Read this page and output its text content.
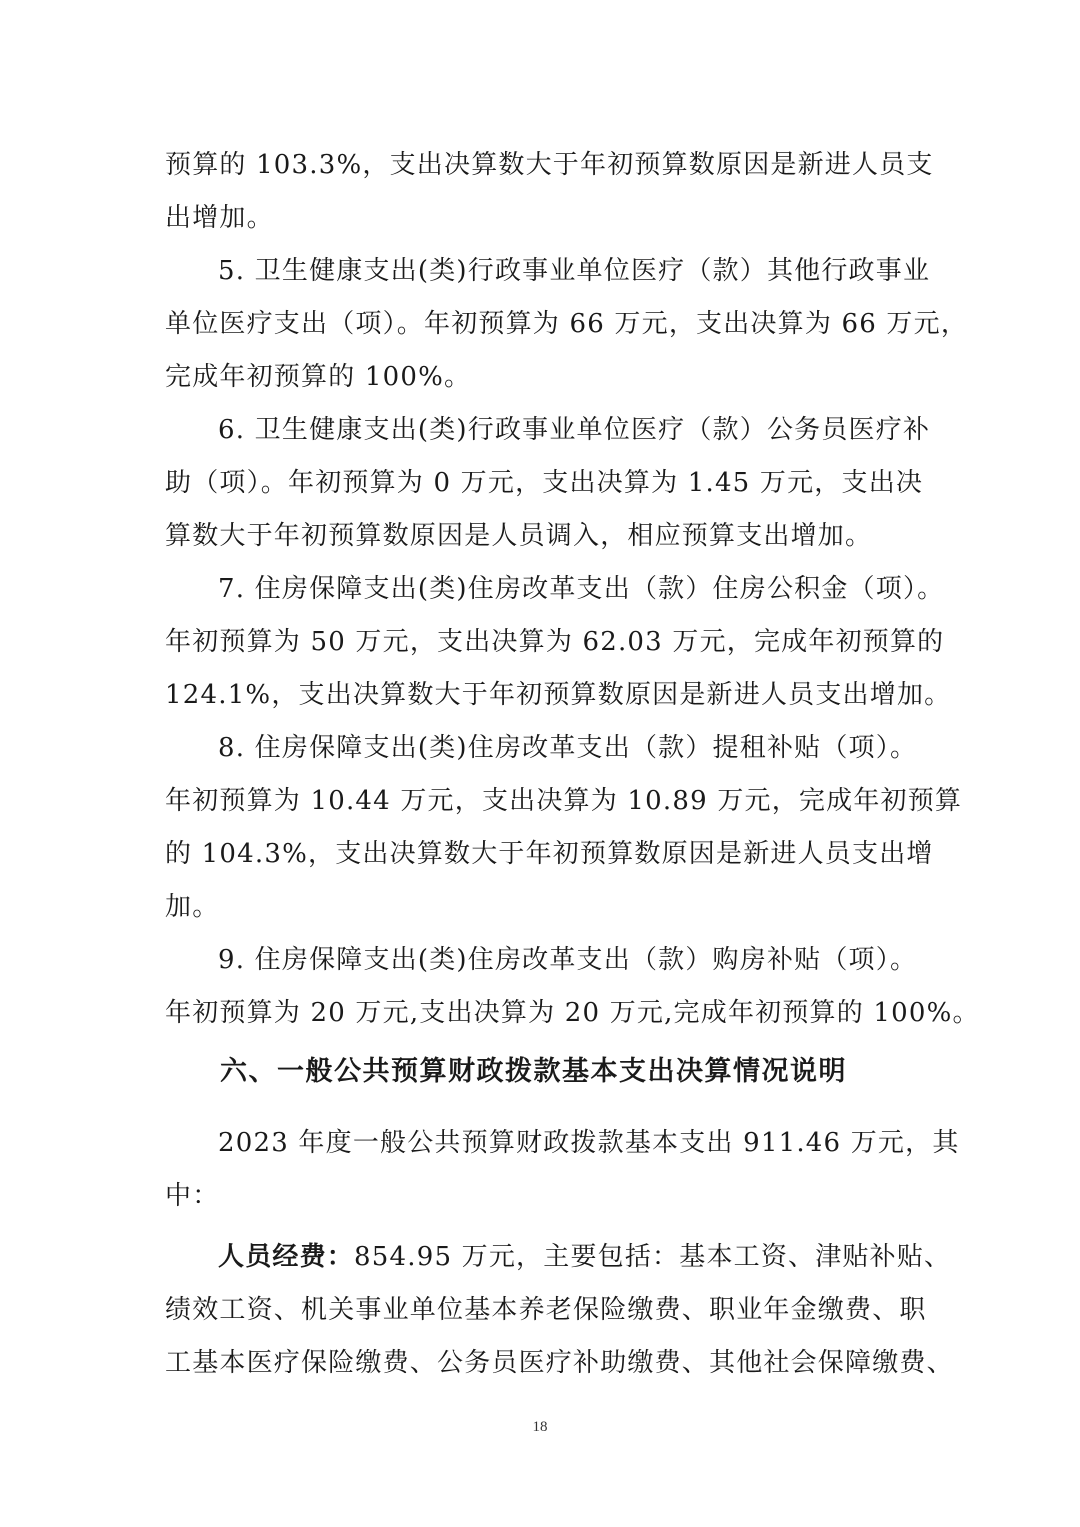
预算的 103.3%，支出决算数大于年初预算数原因是新进人员支
出增加。
5. 卫生健康支出(类)行政事业单位医疗（款）其他行政事业
单位医疗支出（项）。年初预算为 66 万元，支出决算为 66 万元，
完成年初预算的 100%。
6. 卫生健康支出(类)行政事业单位医疗（款）公务员医疗补
助（项）。年初预算为 0 万元，支出决算为 1.45 万元，支出决
算数大于年初预算数原因是人员调入，相应预算支出增加。
7. 住房保障支出(类)住房改革支出（款）住房公积金（项）。
年初预算为 50 万元，支出决算为 62.03 万元，完成年初预算的
124.1%，支出决算数大于年初预算数原因是新进人员支出增加。
8. 住房保障支出(类)住房改革支出（款）提租补贴（项）。
年初预算为 10.44 万元，支出决算为 10.89 万元，完成年初预算
的 104.3%，支出决算数大于年初预算数原因是新进人员支出增
加。
9. 住房保障支出(类)住房改革支出（款）购房补贴（项）。
年初预算为 20 万元,支出决算为 20 万元,完成年初预算的 100%。
六、一般公共预算财政拨款基本支出决算情况说明
2023 年度一般公共预算财政拨款基本支出 911.46 万元，其
中：
人员经费：854.95 万元，主要包括：基本工资、津贴补贴、
绩效工资、机关事业单位基本养老保险缴费、职业年金缴费、职
工基本医疗保险缴费、公务员医疗补助缴费、其他社会保障缴费、
18
